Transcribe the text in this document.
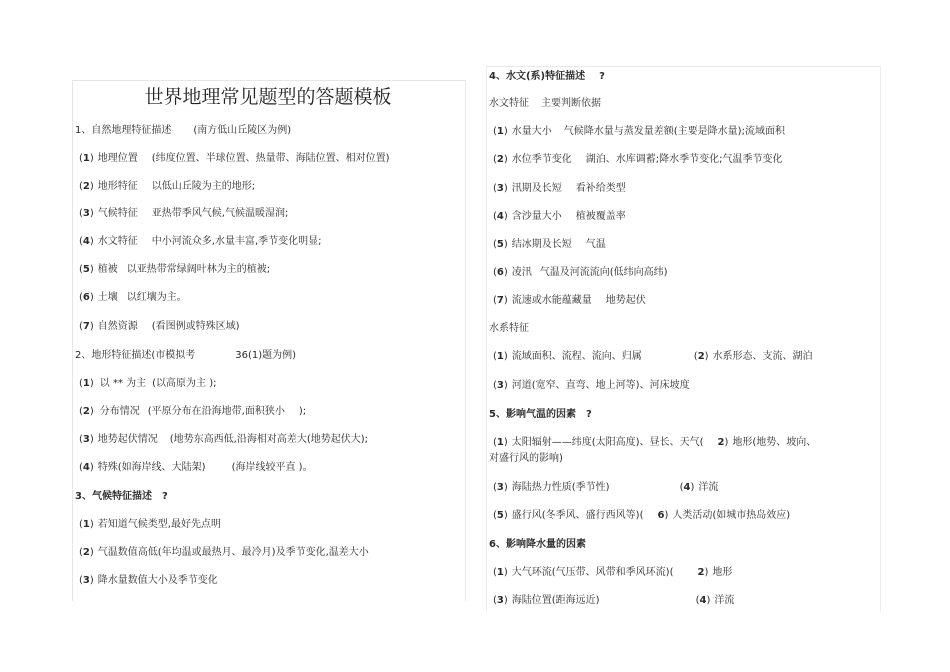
世界地理常见题型的答题模板
1、自然地理特征描述 (南方低山丘陵区为例)
(1) 地理位置 (纬度位置、半球位置、热量带、海陆位置、相对位置)
(2) 地形特征 以低山丘陵为主的地形;
(3) 气候特征 亚热带季风气候,气候温暖湿润;
(4) 水文特征 中小河流众多,水量丰富,季节变化明显;
(5) 植被 以亚热带常绿阔叶林为主的植被;
(6) 土壤 以红壤为主。
(7) 自然资源 (看图例或特殊区域)
2、地形特征描述(市模拟考	36(1)题为例)
(1) 以 ** 为主 (以高原为主 );
(2) 分布情况 (平原分布在沿海地带,面积狭小 );
(3) 地势起伏情况 (地势东高西低,沿海相对高差大(地势起伏大);
(4) 特殊(如海岸线、大陆架)	(海岸线较平直 )。
3、气候特征描述 ?
(1) 若知道气候类型,最好先点明
(2) 气温数值高低(年均温或最热月、最冷月)及季节变化,温差大小
(3) 降水量数值大小及季节变化
4、水文(系)特征描述 ?
水文特征 主要判断依据
(1) 水量大小 气候降水量与蒸发量差额(主要是降水量);流域面积
(2) 水位季节变化 湖泊、水库调蓄;降水季节变化;气温季节变化
(3) 汛期及长短 看补给类型
(4) 含沙量大小 植被覆盖率
(5) 结冰期及长短 气温
(6) 凌汛 气温及河流流向(低纬向高纬)
(7) 流速或水能蕴藏量 地势起伏
水系特征
(1) 流域面积、流程、流向、归属	(2) 水系形态、支流、湖泊
(3) 河道(宽窄、直弯、地上河等)、河床坡度
5、影响气温的因素 ?
(1) 太阳辐射——纬度(太阳高度)、昼长、天气( 2) 地形(地势、坡向、
对盛行风的影响)
(3) 海陆热力性质(季节性)	(4) 洋流
(5) 盛行风(冬季风、盛行西风等)( 6) 人类活动(如城市热岛效应)
6、影响降水量的因素
(1) 大气环流(气压带、风带和季风环流)( 2) 地形
(3) 海陆位置(距海远近)	(4) 洋流
